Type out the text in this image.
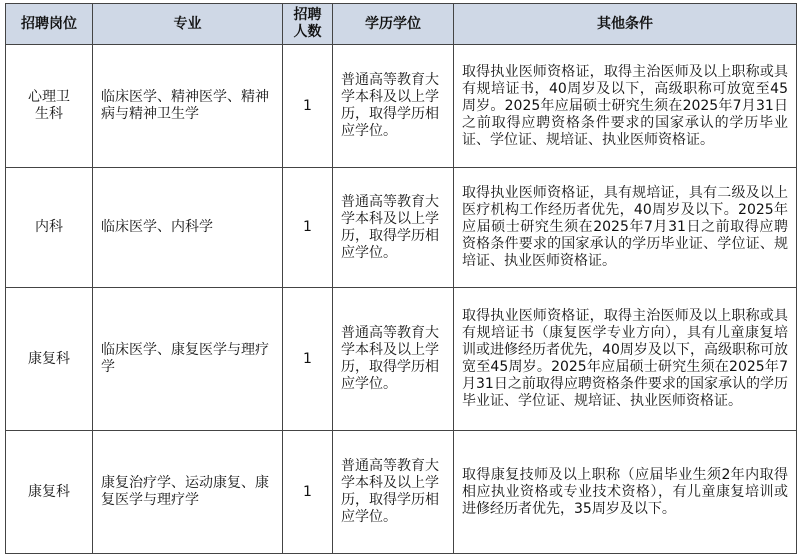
招聘岗位	专业	招聘人数	学历学位	其他条件
心理卫生科	临床医学、精神医学、精神病与精神卫生学	1	普通高等教育大学本科及以上学历，取得学历相应学位。	取得执业医师资格证，取得主治医师及以上职称或具有规培证书，40周岁及以下，高级职称可放宽至45周岁。2025年应届硕士研究生须在2025年7月31日之前取得应聘资格条件要求的国家承认的学历毕业证、学位证、规培证、执业医师资格证。
内科	临床医学、内科学	1	普通高等教育大学本科及以上学历，取得学历相应学位。	取得执业医师资格证，具有规培证，具有二级及以上医疗机构工作经历者优先，40周岁及以下。2025年应届硕士研究生须在2025年7月31日之前取得应聘资格条件要求的国家承认的学历毕业证、学位证、规培证、执业医师资格证。
康复科	临床医学、康复医学与理疗学	1	普通高等教育大学本科及以上学历，取得学历相应学位。	取得执业医师资格证，取得主治医师及以上职称或具有规培证书（康复医学专业方向），具有儿童康复培训或进修经历者优先，40周岁及以下，高级职称可放宽至45周岁。2025年应届硕士研究生须在2025年7月31日之前取得应聘资格条件要求的国家承认的学历毕业证、学位证、规培证、执业医师资格证。
康复科	康复治疗学、运动康复、康复医学与理疗学	1	普通高等教育大学本科及以上学历，取得学历相应学位。	取得康复技师及以上职称（应届毕业生须2年内取得相应执业资格或专业技术资格），有儿童康复培训或进修经历者优先，35周岁及以下。
